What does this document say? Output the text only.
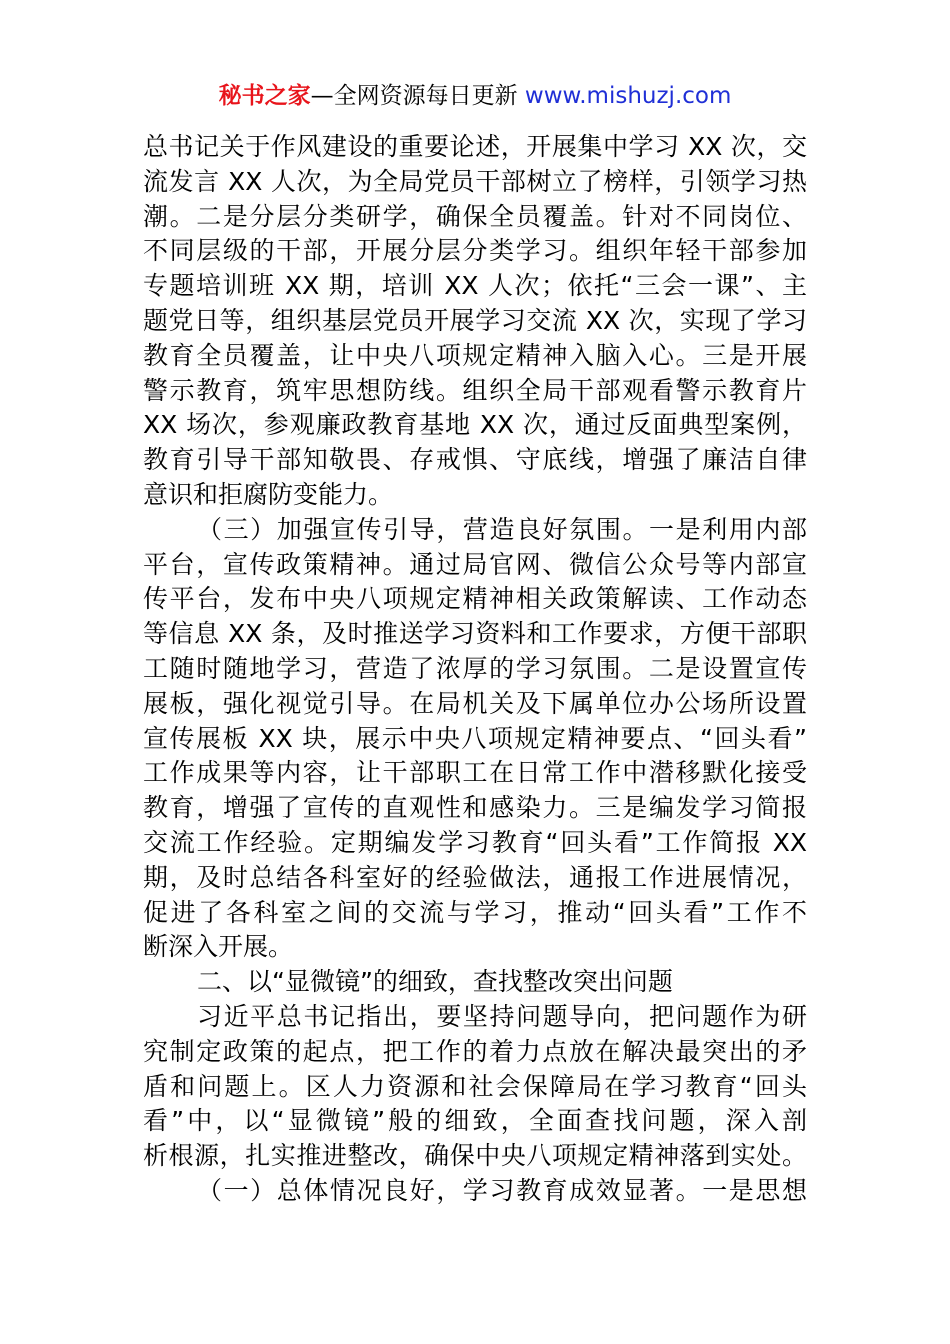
秘书之家—全网资源每日更新 www.mishuzj.com
总书记关于作风建设的重要论述，开展集中学习 XX 次，交
流发言 XX 人次，为全局党员干部树立了榜样，引领学习热
潮。二是分层分类研学，确保全员覆盖。针对不同岗位、
不同层级的干部，开展分层分类学习。组织年轻干部参加
专题培训班 XX 期，培训 XX 人次；依托“三会一课”、主
题党日等，组织基层党员开展学习交流 XX 次，实现了学习
教育全员覆盖，让中央八项规定精神入脑入心。三是开展
警示教育，筑牢思想防线。组织全局干部观看警示教育片
XX 场次，参观廉政教育基地 XX 次，通过反面典型案例，
教育引导干部知敬畏、存戒惧、守底线，增强了廉洁自律
意识和拒腐防变能力。
（三）加强宣传引导，营造良好氛围。一是利用内部
平台，宣传政策精神。通过局官网、微信公众号等内部宣
传平台，发布中央八项规定精神相关政策解读、工作动态
等信息 XX 条，及时推送学习资料和工作要求，方便干部职
工随时随地学习，营造了浓厚的学习氛围。二是设置宣传
展板，强化视觉引导。在局机关及下属单位办公场所设置
宣传展板 XX 块，展示中央八项规定精神要点、“回头看”
工作成果等内容，让干部职工在日常工作中潜移默化接受
教育，增强了宣传的直观性和感染力。三是编发学习简报
交流工作经验。定期编发学习教育“回头看”工作简报 XX
期，及时总结各科室好的经验做法，通报工作进展情况，
促进了各科室之间的交流与学习，推动“回头看”工作不
断深入开展。
二、以“显微镜”的细致，查找整改突出问题
习近平总书记指出，要坚持问题导向，把问题作为研
究制定政策的起点，把工作的着力点放在解决最突出的矛
盾和问题上。区人力资源和社会保障局在学习教育“回头
看”中，以“显微镜”般的细致，全面查找问题，深入剖
析根源，扎实推进整改，确保中央八项规定精神落到实处。
（一）总体情况良好，学习教育成效显著。一是思想
